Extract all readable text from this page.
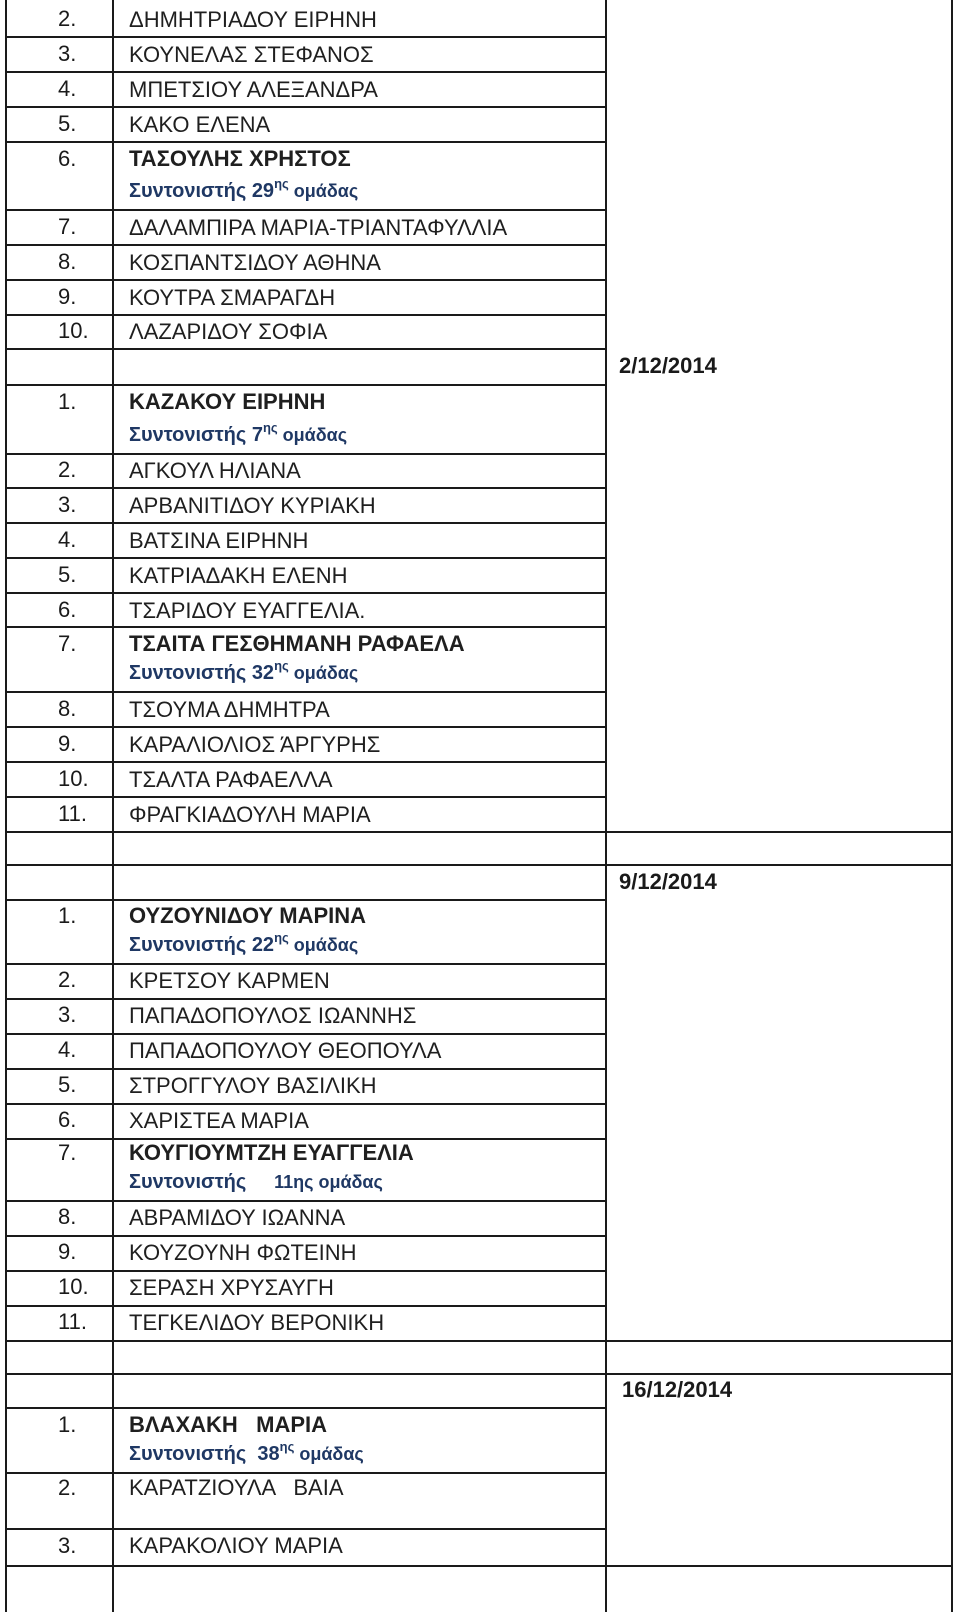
2. ΔΗΜΗΤΡΙΑΔΟΥ ΕΙΡΗΝΗ
3. ΚΟΥΝΕΛΑΣ ΣΤΕΦΑΝΟΣ
4. ΜΠΕΤΣΙΟΥ ΑΛΕΞΑΝΔΡΑ
5. ΚΑΚΟ ΕΛΕΝΑ
6. ΤΑΣΟΥΛΗΣ ΧΡΗΣΤΟΣ
Συντονιστής $29^{\eta\varsigma}$ ομάδας
7. ΔΑΛΑΜΠΙΡΑ ΜΑΡΙΑ-ΤΡΙΑΝΤΑΦΥΛΛΙΑ
8. ΚΟΣΠΑΝΤΣΙΔΟΥ ΑΘΗΝΑ
9. ΚΟΥΤΡΑ ΣΜΑΡΑΓΔΗ
10. ΛΑΖΑΡΙΔΟΥ ΣΟΦΙΑ
2/12/2014
1. ΚΑΖΑΚΟΥ ΕΙΡΗΝΗ
Συντονιστής $7^{\eta\varsigma}$ ομάδας
2. ΑΓΚΟΥΛ ΗΛΙΑΝΑ
3. ΑΡΒΑΝΙΤΙΔΟΥ ΚΥΡΙΑΚΗ
4. ΒΑΤΣΙΝΑ ΕΙΡΗΝΗ
5. ΚΑΤΡΙΑΔΑΚΗ ΕΛΕΝΗ
6. ΤΣΑΡΙΔΟΥ ΕΥΑΓΓΕΛΙΑ.
7. ΤΣΑΙΤΑ ΓΕΣΘΗΜΑΝΗ ΡΑΦΑΕΛΑ
Συντονιστής $32^{\eta\varsigma}$ ομάδας
8. ΤΣΟΥΜΑ ΔΗΜΗΤΡΑ
9. ΚΑΡΑΛΙΟΛΙΟΣ ΆΡΓΥΡΗΣ
10. ΤΣΑΛΤΑ ΡΑΦΑΕΛΛΑ
11. ΦΡΑΓΚΙΑΔΟΥΛΗ ΜΑΡΙΑ
9/12/2014
1. ΟΥΖΟΥΝΙΔΟΥ ΜΑΡΙΝΑ
Συντονιστής $22^{\eta\varsigma}$ ομάδας
2. ΚΡΕΤΣΟΥ ΚΑΡΜΕΝ
3. ΠΑΠΑΔΟΠΟΥΛΟΣ ΙΩΑΝΝΗΣ
4. ΠΑΠΑΔΟΠΟΥΛΟΥ ΘΕΟΠΟΥΛΑ
5. ΣΤΡΟΓΓΥΛΟΥ ΒΑΣΙΛΙΚΗ
6. ΧΑΡΙΣΤΕΑ ΜΑΡΙΑ
7. ΚΟΥΓΙΟΥΜΤΖΗ ΕΥΑΓΓΕΛΙΑ
Συντονιστής 11ης ομάδας
8. ΑΒΡΑΜΙΔΟΥ ΙΩΑΝΝΑ
9. ΚΟΥΖΟΥΝΗ ΦΩΤΕΙΝΗ
10. ΣΕΡΑΣΗ ΧΡΥΣΑΥΓΗ
11. ΤΕΓΚΕΛΙΔΟΥ ΒΕΡΟΝΙΚΗ
16/12/2014
1. ΒΛΑΧΑΚΗ   ΜΑΡΙΑ
Συντονιστής  $38^{\eta\varsigma}$ ομάδας
2. ΚΑΡΑΤΖΙΟΥΛΑ   ΒΑΙΑ
3. ΚΑΡΑΚΟΛΙΟΥ ΜΑΡΙΑ
